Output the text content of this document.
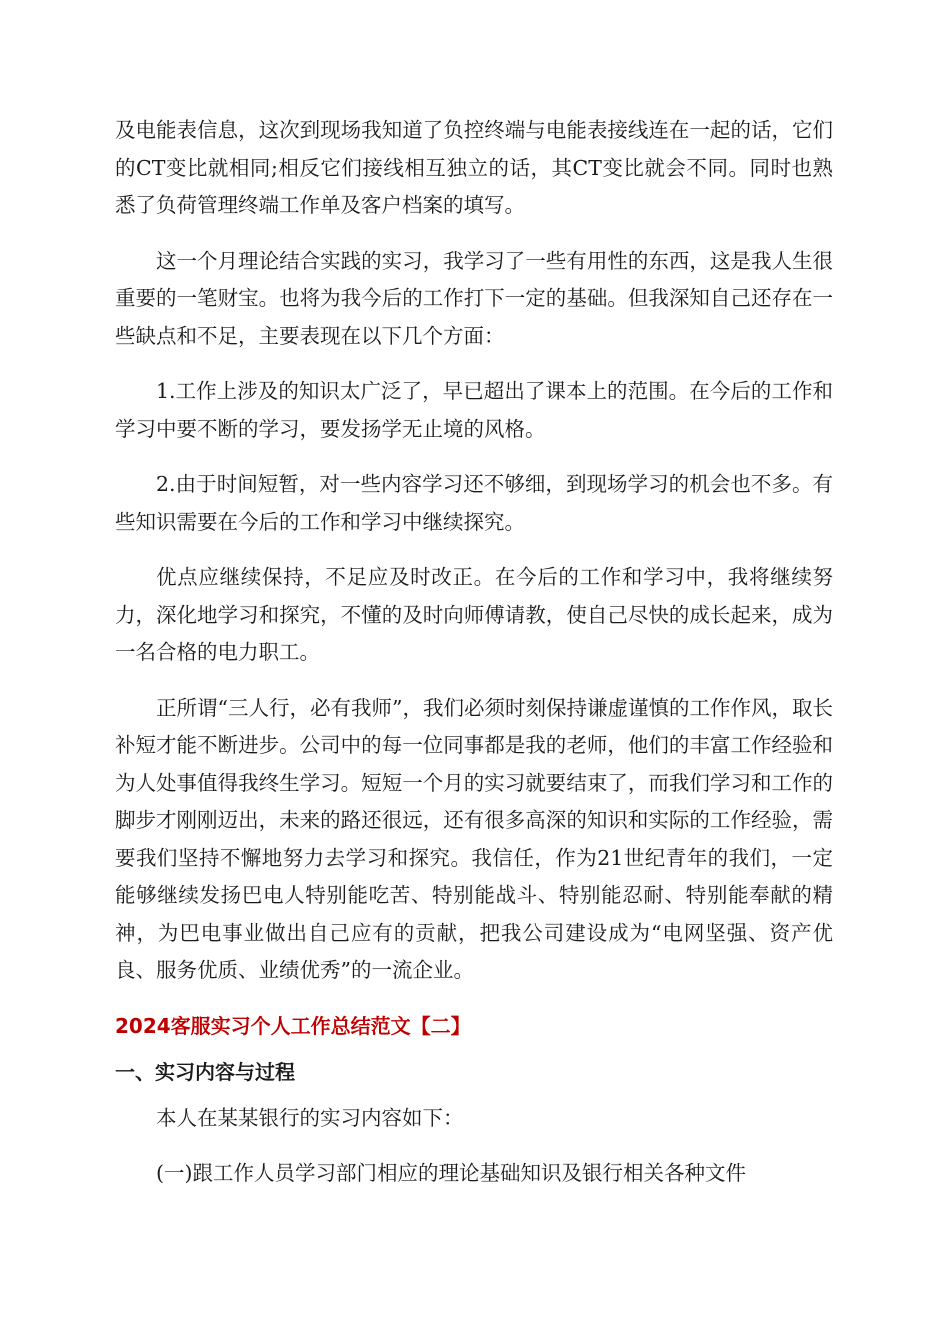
及电能表信息，这次到现场我知道了负控终端与电能表接线连在一起的话，它们的CT变比就相同;相反它们接线相互独立的话，其CT变比就会不同。同时也熟悉了负荷管理终端工作单及客户档案的填写。

这一个月理论结合实践的实习，我学习了一些有用性的东西，这是我人生很重要的一笔财宝。也将为我今后的工作打下一定的基础。但我深知自己还存在一些缺点和不足，主要表现在以下几个方面：

1.工作上涉及的知识太广泛了，早已超出了课本上的范围。在今后的工作和学习中要不断的学习，要发扬学无止境的风格。

2.由于时间短暂，对一些内容学习还不够细，到现场学习的机会也不多。有些知识需要在今后的工作和学习中继续探究。

优点应继续保持，不足应及时改正。在今后的工作和学习中，我将继续努力，深化地学习和探究，不懂的及时向师傅请教，使自己尽快的成长起来，成为一名合格的电力职工。

正所谓“三人行，必有我师”，我们必须时刻保持谦虚谨慎的工作作风，取长补短才能不断进步。公司中的每一位同事都是我的老师，他们的丰富工作经验和为人处事值得我终生学习。短短一个月的实习就要结束了，而我们学习和工作的脚步才刚刚迈出，未来的路还很远，还有很多高深的知识和实际的工作经验，需要我们坚持不懈地努力去学习和探究。我信任，作为21世纪青年的我们，一定能够继续发扬巴电人特别能吃苦、特别能战斗、特别能忍耐、特别能奉献的精神，为巴电事业做出自己应有的贡献，把我公司建设成为“电网坚强、资产优良、服务优质、业绩优秀”的一流企业。

2024客服实习个人工作总结范文【二】
一、实习内容与过程

本人在某某银行的实习内容如下：

(一)跟工作人员学习部门相应的理论基础知识及银行相关各种文件
